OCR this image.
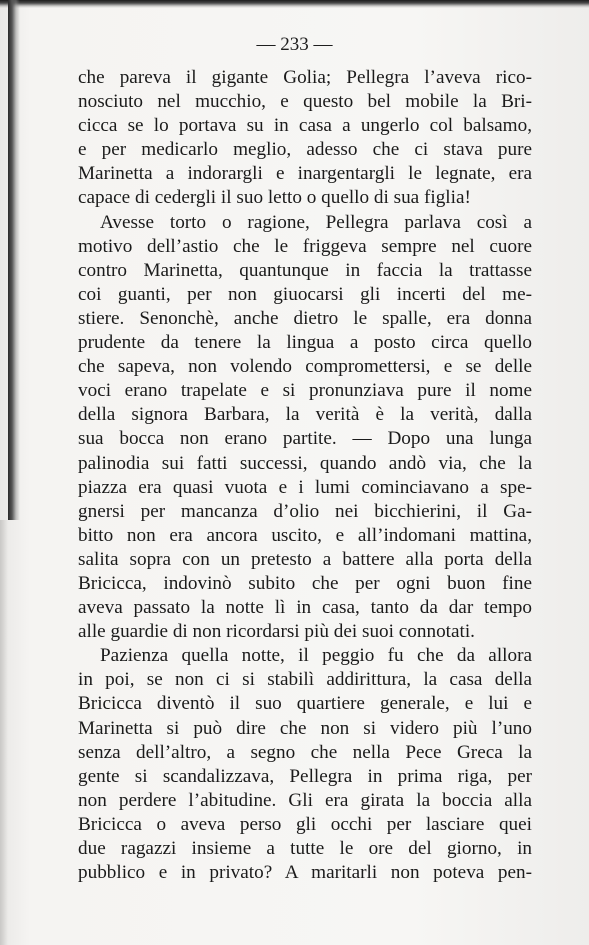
— 233 —
che pareva il gigante Golia; Pellegra l’aveva rico-
nosciuto nel mucchio, e questo bel mobile la Bri-
cicca se lo portava su in casa a ungerlo col balsamo,
e per medicarlo meglio, adesso che ci stava pure
Marinetta a indorargli e inargentargli le legnate, era
capace di cedergli il suo letto o quello di sua figlia!
Avesse torto o ragione, Pellegra parlava così a
motivo dell’astio che le friggeva sempre nel cuore
contro Marinetta, quantunque in faccia la trattasse
coi guanti, per non giuocarsi gli incerti del me-
stiere. Senonchè, anche dietro le spalle, era donna
prudente da tenere la lingua a posto circa quello
che sapeva, non volendo compromettersi, e se delle
voci erano trapelate e si pronunziava pure il nome
della signora Barbara, la verità è la verità, dalla
sua bocca non erano partite. — Dopo una lunga
palinodia sui fatti successi, quando andò via, che la
piazza era quasi vuota e i lumi cominciavano a spe-
gnersi per mancanza d’olio nei bicchierini, il Ga-
bitto non era ancora uscito, e all’indomani mattina,
salita sopra con un pretesto a battere alla porta della
Bricicca, indovinò subito che per ogni buon fine
aveva passato la notte lì in casa, tanto da dar tempo
alle guardie di non ricordarsi più dei suoi connotati.
Pazienza quella notte, il peggio fu che da allora
in poi, se non ci si stabilì addirittura, la casa della
Bricicca diventò il suo quartiere generale, e lui e
Marinetta si può dire che non si videro più l’uno
senza dell’altro, a segno che nella Pece Greca la
gente si scandalizzava, Pellegra in prima riga, per
non perdere l’abitudine. Gli era girata la boccia alla
Bricicca o aveva perso gli occhi per lasciare quei
due ragazzi insieme a tutte le ore del giorno, in
pubblico e in privato? A maritarli non poteva pen-
